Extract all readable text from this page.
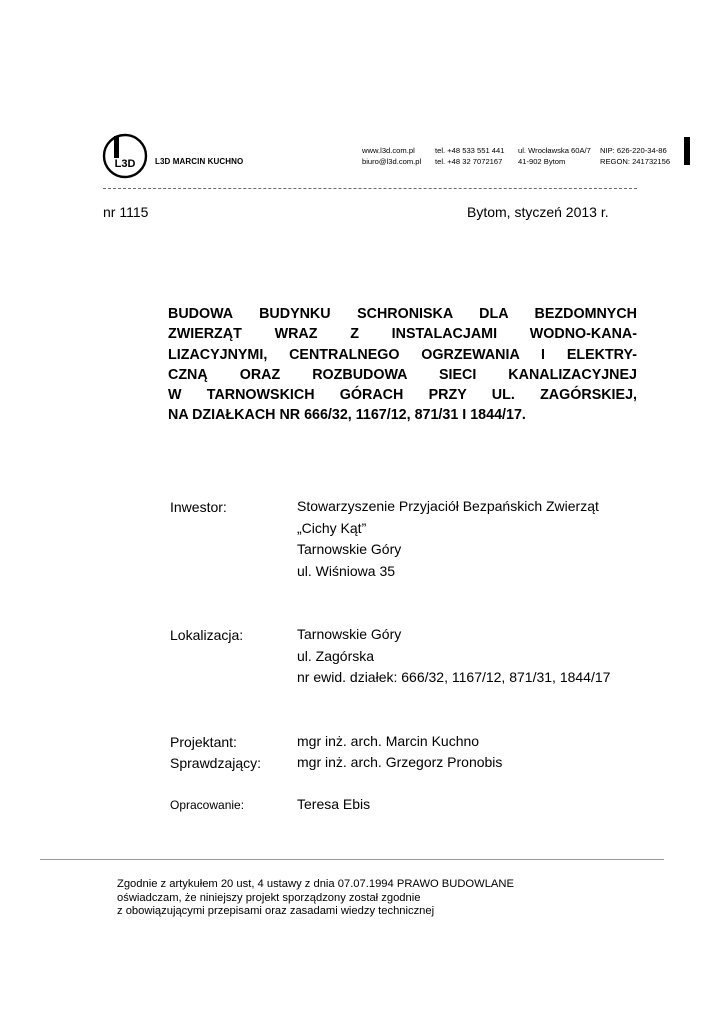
L3D L3D MARCIN KUCHNO
www.l3d.com.pl
biuro@l3d.com.pl
tel. +48 533 551 441
tel. +48 32 7072167
ul. Wrocławska 60A/7
41-902 Bytom
NIP: 626-220-34-86
REGON: 241732156
nr 1115	Bytom, styczeń 2013 r.
BUDOWA BUDYNKU SCHRONISKA DLA BEZDOMNYCH
ZWIERZĄT WRAZ Z INSTALACJAMI WODNO-KANA-
LIZACYJNYMI, CENTRALNEGO OGRZEWANIA I ELEKTRY-
CZNĄ ORAZ ROZBUDOWA SIECI KANALIZACYJNEJ
W TARNOWSKICH GÓRACH PRZY UL. ZAGÓRSKIEJ,
NA DZIAŁKACH NR 666/32, 1167/12, 871/31 I 1844/17.
Inwestor:	Stowarzyszenie Przyjaciół Bezpańskich Zwierząt
„Cichy Kąt”
Tarnowskie Góry
ul. Wiśniowa 35
Lokalizacja:	Tarnowskie Góry
ul. Zagórska
nr ewid. działek: 666/32, 1167/12, 871/31, 1844/17
Projektant:	mgr inż. arch. Marcin Kuchno
Sprawdzający:	mgr inż. arch. Grzegorz Pronobis
Opracowanie:	Teresa Ebis
Zgodnie z artykułem 20 ust, 4 ustawy z dnia 07.07.1994 PRAWO BUDOWLANE
oświadczam, że niniejszy projekt sporządzony został zgodnie
z obowiązującymi przepisami oraz zasadami wiedzy technicznej
